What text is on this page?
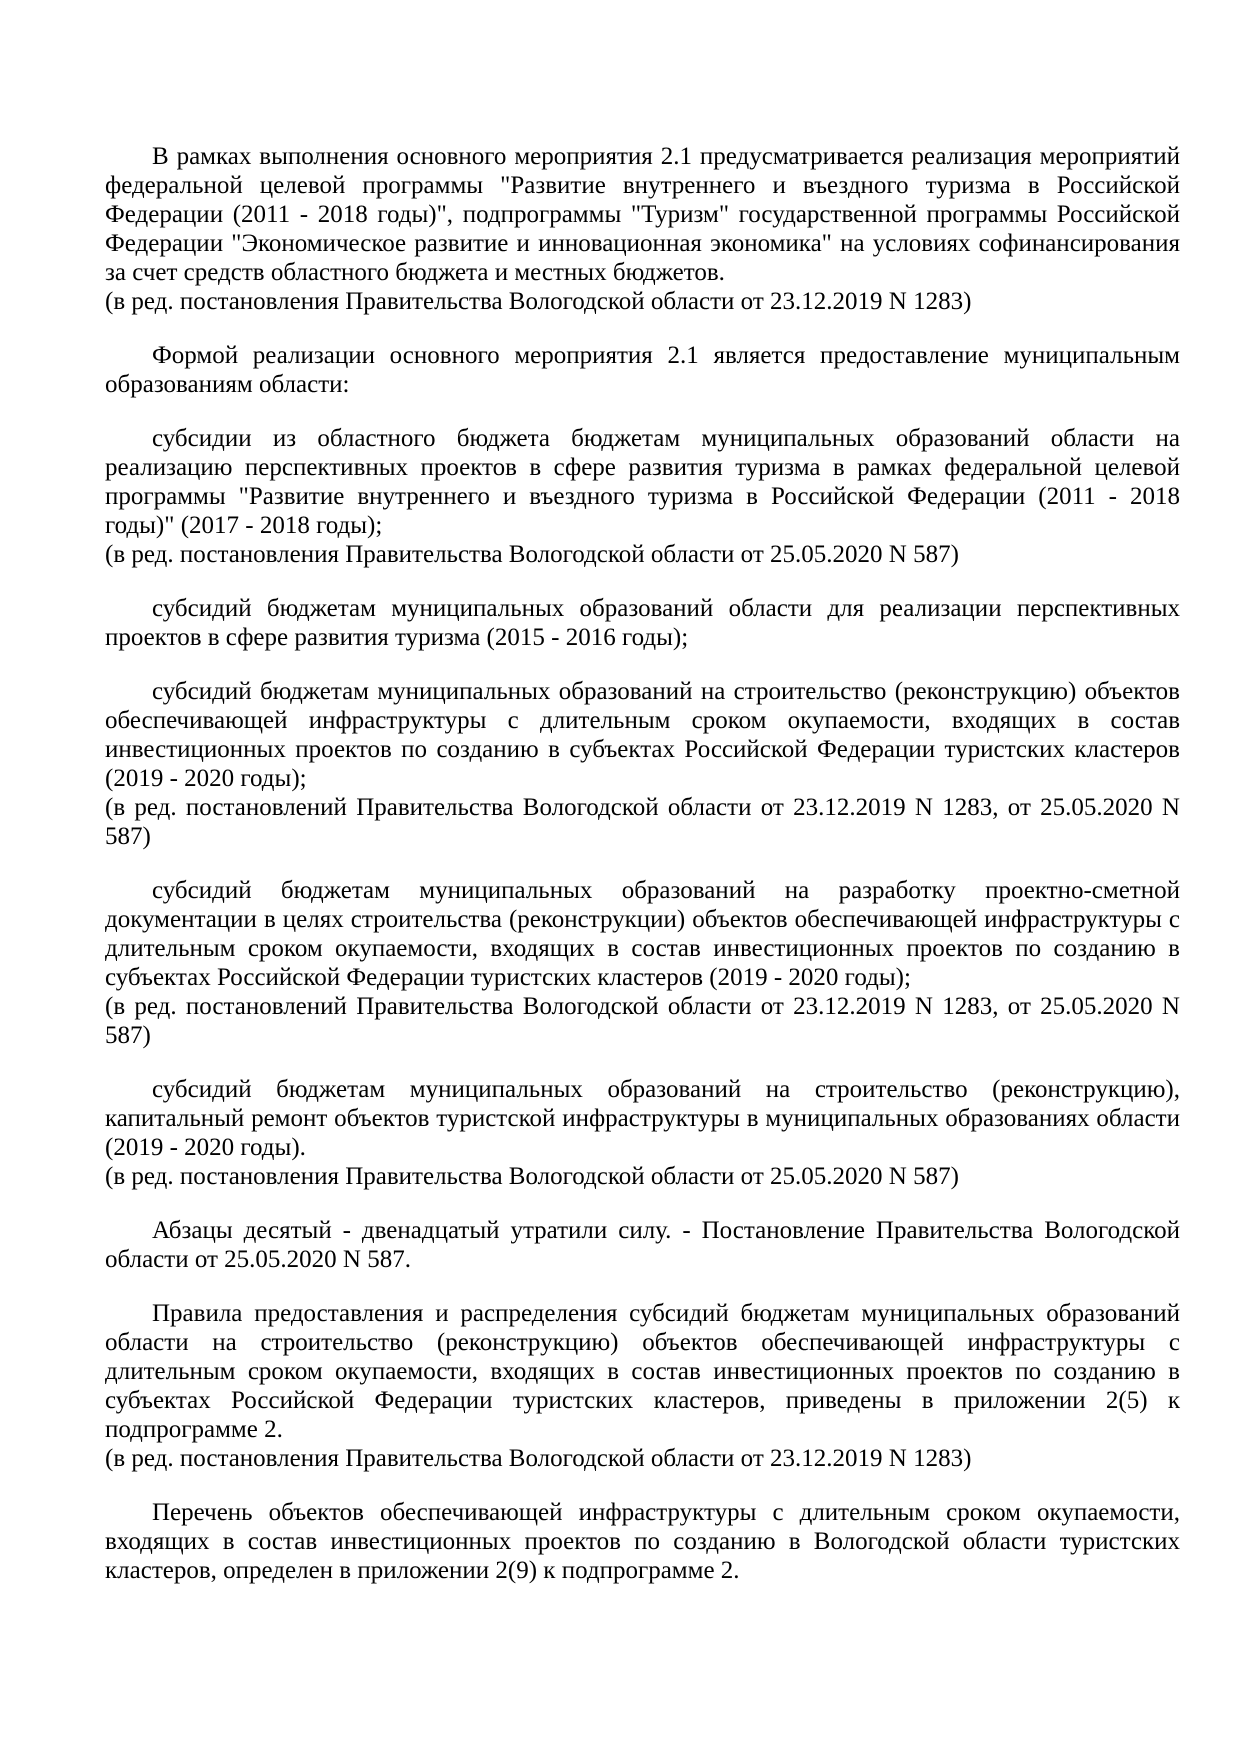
В рамках выполнения основного мероприятия 2.1 предусматривается реализация мероприятий федеральной целевой программы "Развитие внутреннего и въездного туризма в Российской Федерации (2011 - 2018 годы)", подпрограммы "Туризм" государственной программы Российской Федерации "Экономическое развитие и инновационная экономика" на условиях софинансирования за счет средств областного бюджета и местных бюджетов.

(в ред. постановления Правительства Вологодской области от 23.12.2019 N 1283)

Формой реализации основного мероприятия 2.1 является предоставление муниципальным образованиям области:

субсидии из областного бюджета бюджетам муниципальных образований области на реализацию перспективных проектов в сфере развития туризма в рамках федеральной целевой программы "Развитие внутреннего и въездного туризма в Российской Федерации (2011 - 2018 годы)" (2017 - 2018 годы);

(в ред. постановления Правительства Вологодской области от 25.05.2020 N 587)

субсидий бюджетам муниципальных образований области для реализации перспективных проектов в сфере развития туризма (2015 - 2016 годы);

субсидий бюджетам муниципальных образований на строительство (реконструкцию) объектов обеспечивающей инфраструктуры с длительным сроком окупаемости, входящих в состав инвестиционных проектов по созданию в субъектах Российской Федерации туристских кластеров (2019 - 2020 годы);

(в ред. постановлений Правительства Вологодской области от 23.12.2019 N 1283, от 25.05.2020 N 587)

субсидий бюджетам муниципальных образований на разработку проектно-сметной документации в целях строительства (реконструкции) объектов обеспечивающей инфраструктуры с длительным сроком окупаемости, входящих в состав инвестиционных проектов по созданию в субъектах Российской Федерации туристских кластеров (2019 - 2020 годы);

(в ред. постановлений Правительства Вологодской области от 23.12.2019 N 1283, от 25.05.2020 N 587)

субсидий бюджетам муниципальных образований на строительство (реконструкцию), капитальный ремонт объектов туристской инфраструктуры в муниципальных образованиях области (2019 - 2020 годы).

(в ред. постановления Правительства Вологодской области от 25.05.2020 N 587)

Абзацы десятый - двенадцатый утратили силу. - Постановление Правительства Вологодской области от 25.05.2020 N 587.

Правила предоставления и распределения субсидий бюджетам муниципальных образований области на строительство (реконструкцию) объектов обеспечивающей инфраструктуры с длительным сроком окупаемости, входящих в состав инвестиционных проектов по созданию в субъектах Российской Федерации туристских кластеров, приведены в приложении 2(5) к подпрограмме 2.

(в ред. постановления Правительства Вологодской области от 23.12.2019 N 1283)

Перечень объектов обеспечивающей инфраструктуры с длительным сроком окупаемости, входящих в состав инвестиционных проектов по созданию в Вологодской области туристских кластеров, определен в приложении 2(9) к подпрограмме 2.
